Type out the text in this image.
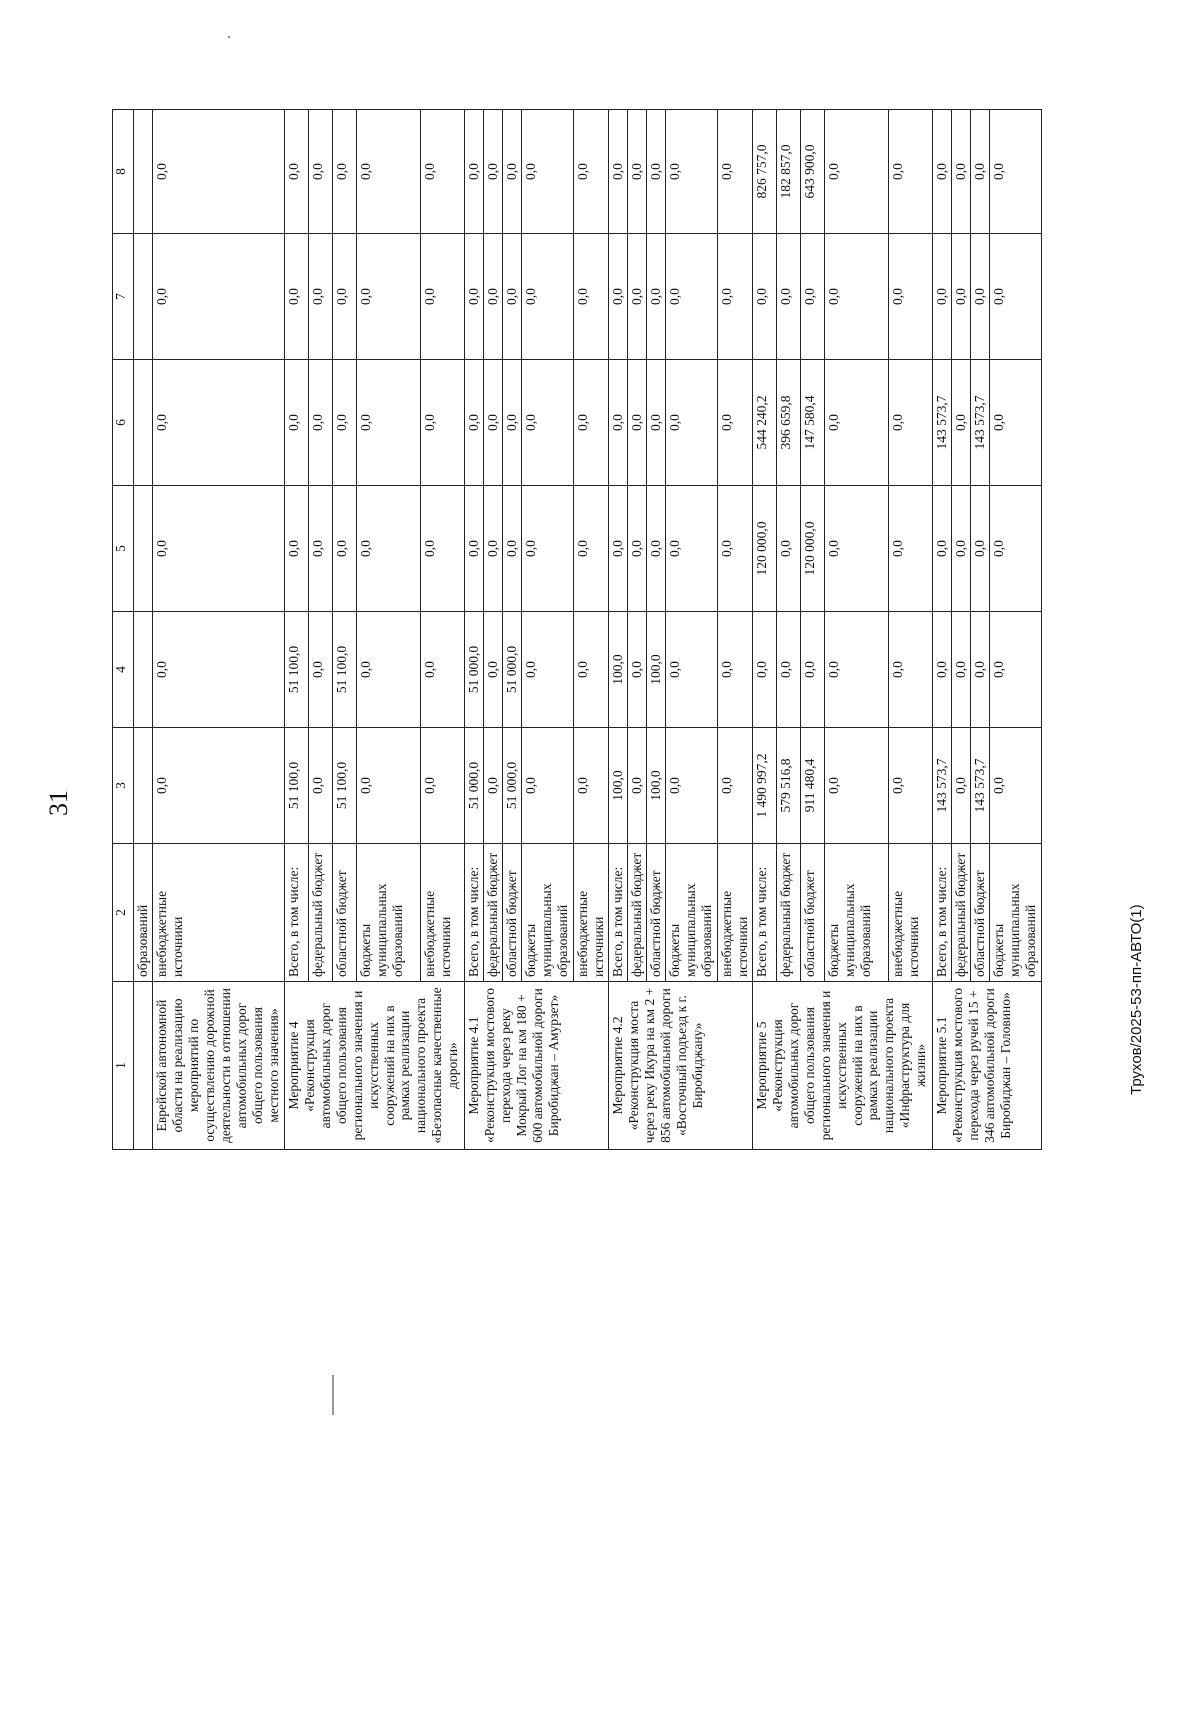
31
Трухов/2025-53-пп-АВТО(1)
1	2	3	4	5	6	7	8
	образований						
Еврейской автономной области на реализацию мероприятий по осуществлению дорожной деятельности в отношении автомобильных дорог общего пользования местного значения»	внебюджетные источники	0,0	0,0	0,0	0,0	0,0	0,0
Мероприятие 4 «Реконструкция автомобильных дорог общего пользования регионального значения и искусственных сооружений на них в рамках реализации национального проекта «Безопасные качественные дороги»	Всего, в том числе:	51 100,0	51 100,0	0,0	0,0	0,0	0,0
	федеральный бюджет	0,0	0,0	0,0	0,0	0,0	0,0
	областной бюджет	51 100,0	51 100,0	0,0	0,0	0,0	0,0
	бюджеты муниципальных образований	0,0	0,0	0,0	0,0	0,0	0,0
	внебюджетные источники	0,0	0,0	0,0	0,0	0,0	0,0
Мероприятие 4.1 «Реконструкция мостового перехода через реку Мокрый Лог на км 180 + 600 автомобильной дороги Биробиджан – Амурзет»	Всего, в том числе:	51 000,0	51 000,0	0,0	0,0	0,0	0,0
	федеральный бюджет	0,0	0,0	0,0	0,0	0,0	0,0
	областной бюджет	51 000,0	51 000,0	0,0	0,0	0,0	0,0
	бюджеты муниципальных образований	0,0	0,0	0,0	0,0	0,0	0,0
	внебюджетные источники	0,0	0,0	0,0	0,0	0,0	0,0
Мероприятие 4.2 «Реконструкция моста через реку Икура на км 2 + 856 автомобильной дороги «Восточный подъезд к г. Биробиджану»	Всего, в том числе:	100,0	100,0	0,0	0,0	0,0	0,0
	федеральный бюджет	0,0	0,0	0,0	0,0	0,0	0,0
	областной бюджет	100,0	100,0	0,0	0,0	0,0	0,0
	бюджеты муниципальных образований	0,0	0,0	0,0	0,0	0,0	0,0
	внебюджетные источники	0,0	0,0	0,0	0,0	0,0	0,0
Мероприятие 5 «Реконструкция автомобильных дорог общего пользования регионального значения и искусственных сооружений на них в рамках реализации национального проекта «Инфраструктура для жизни»	Всего, в том числе:	1 490 997,2	0,0	120 000,0	544 240,2	0,0	826 757,0
	федеральный бюджет	579 516,8	0,0	0,0	396 659,8	0,0	182 857,0
	областной бюджет	911 480,4	0,0	120 000,0	147 580,4	0,0	643 900,0
	бюджеты муниципальных образований	0,0	0,0	0,0	0,0	0,0	0,0
	внебюджетные источники	0,0	0,0	0,0	0,0	0,0	0,0
Мероприятие 5.1 «Реконструкция мостового перехода через ручей 15 + 346 автомобильной дороги Биробиджан – Головино»	Всего, в том числе:	143 573,7	0,0	0,0	143 573,7	0,0	0,0
	федеральный бюджет	0,0	0,0	0,0	0,0	0,0	0,0
	областной бюджет	143 573,7	0,0	0,0	143 573,7	0,0	0,0
	бюджеты муниципальных образований	0,0	0,0	0,0	0,0	0,0	0,0
